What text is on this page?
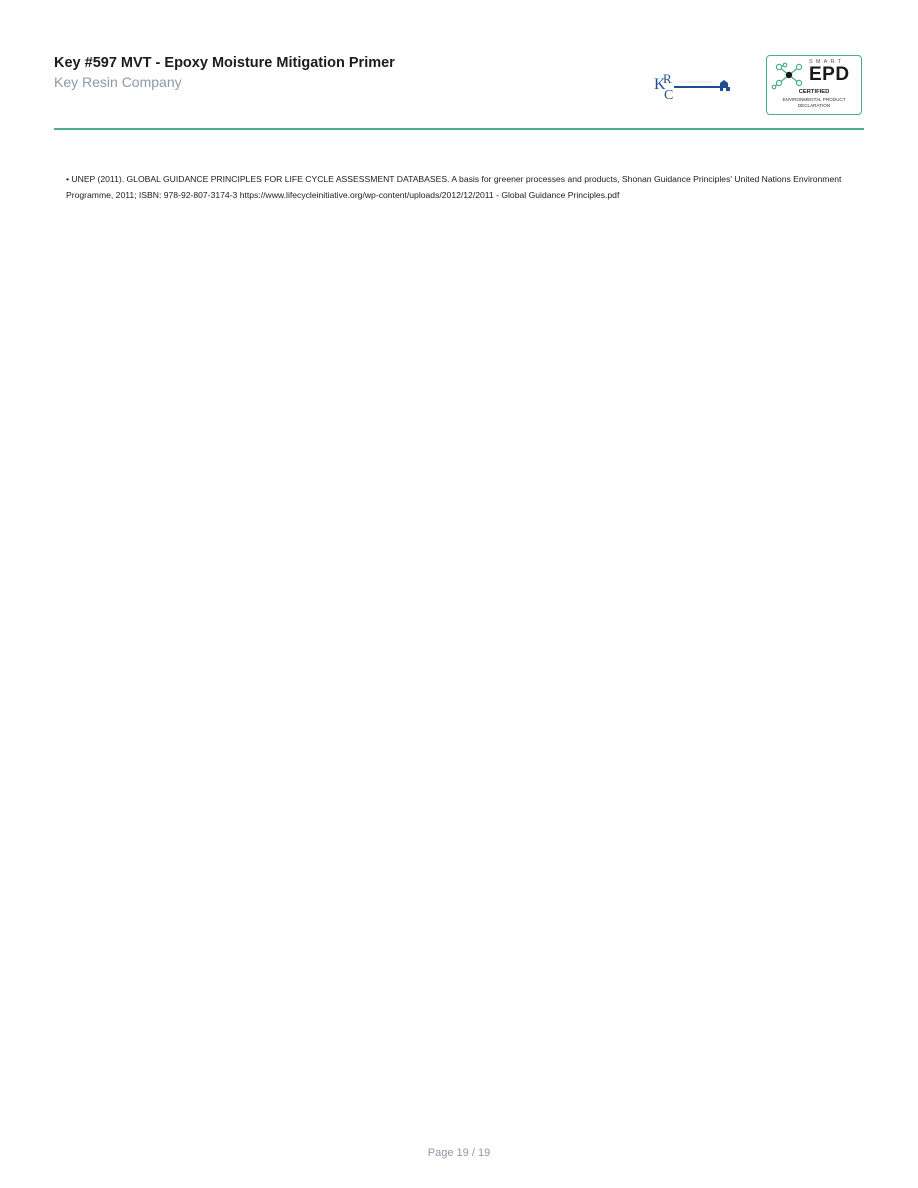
Key #597 MVT - Epoxy Moisture Mitigation Primer
Key Resin Company	K
R
C
SMART
EPD
CERTIFIED
ENVIRONMENTAL PRODUCT
DECLARATION
• UNEP (2011). GLOBAL GUIDANCE PRINCIPLES FOR LIFE CYCLE ASSESSMENT DATABASES. A basis for greener processes and products, Shonan Guidance Principles' United Nations Environment Programme, 2011; ISBN: 978-92-807-3174-3 https://www.lifecycleinitiative.org/wp-content/uploads/2012/12/2011 - Global Guidance Principles.pdf
Page 19 / 19
